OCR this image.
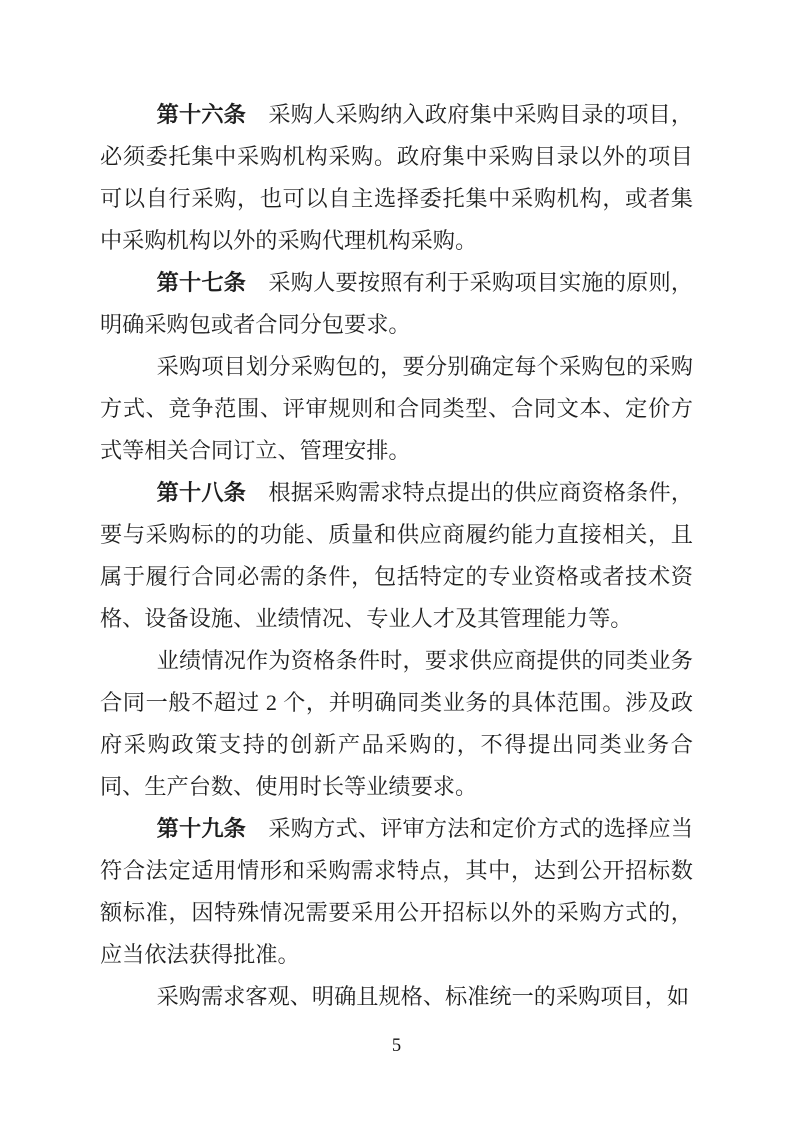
第十六条　 采购人采购纳入政府集中采购目录的项目，必须委托集中采购机构采购。政府集中采购目录以外的项目可以自行采购，也可以自主选择委托集中采购机构，或者集中采购机构以外的采购代理机构采购。

第十七条　 采购人要按照有利于采购项目实施的原则，明确采购包或者合同分包要求。

采购项目划分采购包的，要分别确定每个采购包的采购方式、竞争范围、评审规则和合同类型、合同文本、定价方式等相关合同订立、管理安排。

第十八条　 根据采购需求特点提出的供应商资格条件，要与采购标的的功能、质量和供应商履约能力直接相关，且属于履行合同必需的条件，包括特定的专业资格或者技术资格、设备设施、业绩情况、专业人才及其管理能力等。

业绩情况作为资格条件时，要求供应商提供的同类业务合同一般不超过 2 个，并明确同类业务的具体范围。涉及政府采购政策支持的创新产品采购的，不得提出同类业务合同、生产台数、使用时长等业绩要求。

第十九条　 采购方式、评审方法和定价方式的选择应当符合法定适用情形和采购需求特点，其中，达到公开招标数额标准，因特殊情况需要采用公开招标以外的采购方式的，应当依法获得批准。

采购需求客观、明确且规格、标准统一的采购项目，如

5
